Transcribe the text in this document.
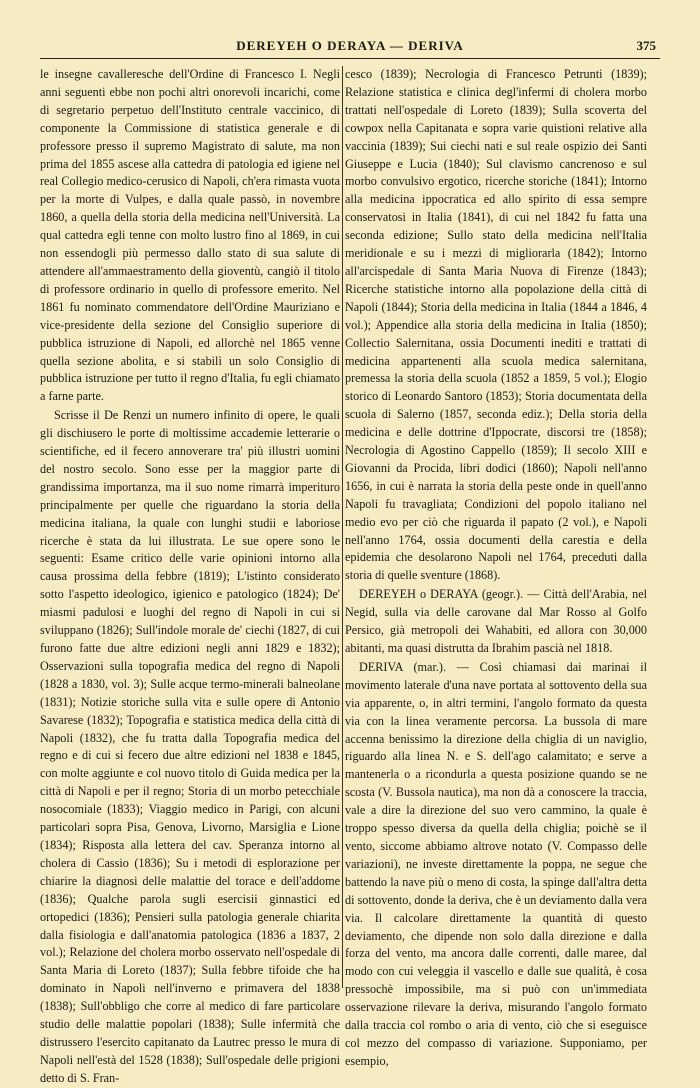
DEREYEH O DERAYA — DERIVA	375

le insegne cavalleresche dell'Ordine di Francesco I. Negli anni seguenti ebbe non pochi altri onorevoli incarichi, come di segretario perpetuo dell'Instituto centrale vaccinico, di componente la Commissione di statistica generale e di professore presso il supremo Magistrato di salute, ma non prima del 1855 ascese alla cattedra di patologia ed igiene nel real Collegio medico-cerusico di Napoli, ch'era rimasta vuota per la morte di Vulpes, e dalla quale passò, in novembre 1860, a quella della storia della medicina nell'Università. La qual cattedra egli tenne con molto lustro fino al 1869, in cui non essendogli più permesso dallo stato di sua salute di attendere all'ammaestramento della gioventù, cangiò il titolo di professore ordinario in quello di professore emerito. Nel 1861 fu nominato commendatore dell'Ordine Mauriziano e vice-presidente della sezione del Consiglio superiore di pubblica istruzione di Napoli, ed allorchè nel 1865 venne quella sezione abolita, e si stabilì un solo Consiglio di pubblica istruzione per tutto il regno d'Italia, fu egli chiamato a farne parte.

Scrisse il De Renzi un numero infinito di opere, le quali gli dischiusero le porte di moltissime accademie letterarie o scientifiche, ed il fecero annoverare tra' più illustri uomini del nostro secolo. Sono esse per la maggior parte di grandissima importanza, ma il suo nome rimarrà imperituro principalmente per quelle che riguardano la storia della medicina italiana, la quale con lunghi studii e laboriose ricerche è stata da lui illustrata. Le sue opere sono le seguenti: Esame critico delle varie opinioni intorno alla causa prossima della febbre (1819); L'istinto considerato sotto l'aspetto ideologico, igienico e patologico (1824); De' miasmi padulosi e luoghi del regno di Napoli in cui si sviluppano (1826); Sull'indole morale de' ciechi (1827, di cui furono fatte due altre edizioni negli anni 1829 e 1832); Osservazioni sulla topografia medica del regno di Napoli (1828 a 1830, vol. 3); Sulle acque termo-minerali balneolane (1831); Notizie storiche sulla vita e sulle opere di Antonio Savarese (1832); Topografia e statistica medica della città di Napoli (1832), che fu tratta dalla Topografia medica del regno e di cui si fecero due altre edizioni nel 1838 e 1845, con molte aggiunte e col nuovo titolo di Guida medica per la città di Napoli e per il regno; Storia di un morbo petecchiale nosocomiale (1833); Viaggio medico in Parigi, con alcuni particolari sopra Pisa, Genova, Livorno, Marsiglia e Lione (1834); Risposta alla lettera del cav. Speranza intorno al cholera di Cassio (1836); Su i metodi di esplorazione per chiarire la diagnosi delle malattie del torace e dell'addome (1836); Qualche parola sugli esercisii ginnastici ed ortopedici (1836); Pensieri sulla patologia generale chiarita dalla fisiologia e dall'anatomia patologica (1836 a 1837, 2 vol.); Relazione del cholera morbo osservato nell'ospedale di Santa Maria di Loreto (1837); Sulla febbre tifoide che ha dominato in Napoli nell'inverno e primavera del 1838 (1838); Sull'obbligo che corre al medico di fare particolare studio delle malattie popolari (1838); Sulle infermità che distrussero l'esercito capitanato da Lautrec presso le mura di Napoli nell'està del 1528 (1838); Sull'ospedale delle prigioni detto di S. Fran-

cesco (1839); Necrologia di Francesco Petrunti (1839); Relazione statistica e clinica degl'infermi di cholera morbo trattati nell'ospedale di Loreto (1839); Sulla scoverta del cowpox nella Capitanata e sopra varie quistioni relative alla vaccinia (1839); Sui ciechi nati e sul reale ospizio dei Santi Giuseppe e Lucia (1840); Sul clavismo cancrenoso e sul morbo convulsivo ergotico, ricerche storiche (1841); Intorno alla medicina ippocratica ed allo spirito di essa sempre conservatosi in Italia (1841), di cui nel 1842 fu fatta una seconda edizione; Sullo stato della medicina nell'Italia meridionale e su i mezzi di migliorarla (1842); Intorno all'arcispedale di Santa Maria Nuova di Firenze (1843); Ricerche statistiche intorno alla popolazione della città di Napoli (1844); Storia della medicina in Italia (1844 a 1846, 4 vol.); Appendice alla storia della medicina in Italia (1850); Collectio Salernitana, ossia Documenti inediti e trattati di medicina appartenenti alla scuola medica salernitana, premessa la storia della scuola (1852 a 1859, 5 vol.); Elogio storico di Leonardo Santoro (1853); Storia documentata della scuola di Salerno (1857, seconda ediz.); Della storia della medicina e delle dottrine d'Ippocrate, discorsi tre (1858); Necrologia di Agostino Cappello (1859); Il secolo XIII e Giovanni da Procida, libri dodici (1860); Napoli nell'anno 1656, in cui è narrata la storia della peste onde in quell'anno Napoli fu travagliata; Condizioni del popolo italiano nel medio evo per ciò che riguarda il papato (2 vol.), e Napoli nell'anno 1764, ossia documenti della carestia e della epidemia che desolarono Napoli nel 1764, preceduti dalla storia di quelle sventure (1868).

DEREYEH o DERAYA (geogr.). — Città dell'Arabia, nel Negid, sulla via delle carovane dal Mar Rosso al Golfo Persico, già metropoli dei Wahabiti, ed allora con 30,000 abitanti, ma quasi distrutta da Ibrahim pascià nel 1818.

DERIVA (mar.). — Così chiamasi dai marinai il movimento laterale d'una nave portata al sottovento della sua via apparente, o, in altri termini, l'angolo formato da questa via con la linea veramente percorsa. La bussola di mare accenna benissimo la direzione della chiglia di un naviglio, riguardo alla linea N. e S. dell'ago calamitato; e serve a mantenerla o a ricondurla a questa posizione quando se ne scosta (V. Bussola nautica), ma non dà a conoscere la traccia, vale a dire la direzione del suo vero cammino, la quale è troppo spesso diversa da quella della chiglia; poichè se il vento, siccome abbiamo altrove notato (V. Compasso delle variazioni), ne investe direttamente la poppa, ne segue che battendo la nave più o meno di costa, la spinge dall'altra detta di sottovento, donde la deriva, che è un deviamento dalla vera via. Il calcolare direttamente la quantità di questo deviamento, che dipende non solo dalla direzione e dalla forza del vento, ma ancora dalle correnti, dalle maree, dal modo con cui veleggia il vascello e dalle sue qualità, è cosa pressochè impossibile, ma si può con un'immediata osservazione rilevare la deriva, misurando l'angolo formato dalla traccia col rombo o aria di vento, ciò che si eseguisce col mezzo del compasso di variazione. Supponiamo, per esempio,
